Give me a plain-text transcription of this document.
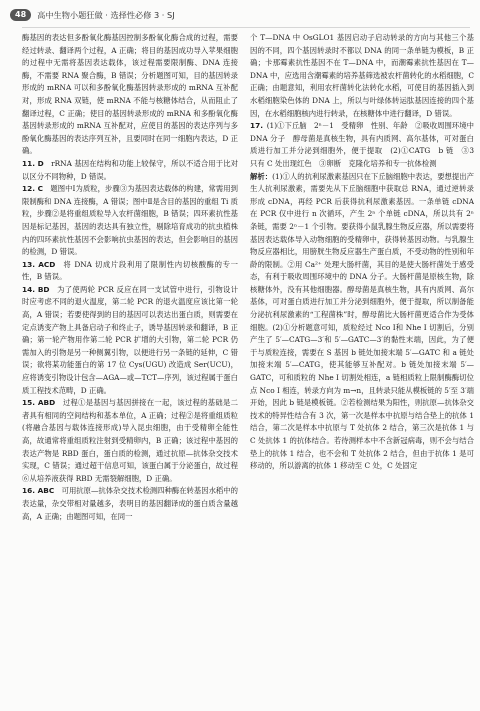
48	高中生物小题狂做 · 选择性必修 3 · SJ

酶基因的表达但多酚氧化酶基因控制多酚氧化酶合成的过程，需要经过转录、翻译两个过程，A 正确；将目的基因成功导入苹果细胞的过程中无需将基因表达载体，该过程需要限制酶、DNA 连接酶，不需要 RNA 聚合酶，B 错误；分析题图可知，目的基因转录形成的 mRNA 可以和多酚氧化酶基因转录形成的 mRNA 互补配对，形成 RNA 双链，使 mRNA 不能与核糖体结合，从而阻止了翻译过程，C 正确；使目的基因转录形成的 mRNA 和多酚氧化酶基因转录形成的 mRNA 互补配对，应使目的基因的表达序列与多酚氧化酶基因的表达序列互补，且要同时在同一细胞内表达，D 正确。

11. D  rRNA 基因在结构和功能上较保守，所以不适合用于比对以区分不同物种，D 错误。

12. C  题图中Ⅰ为质粒，步骤③为基因表达载体的构建，常需用到限制酶和 DNA 连接酶，A 错误；图中Ⅱ是含目的基因的重组 Ti 质粒，步骤②是将重组质粒导入农杆菌细胞，B 错误；四环素抗性基因是标记基因，基因的表达具有独立性，剔除培育成功的抗虫植株内的四环素抗性基因不会影响抗虫基因的表达，但会影响目的基因的检测，D 错误。

13. ACD  将 DNA 切成片段利用了限制性内切核酸酶的专一性，B 错误。

14. BD  为了使两轮 PCR 反应在同一支试管中进行，引物设计时应考虑不同的退火温度，第二轮 PCR 的退火温度应该比第一轮高，A 错误；若要使得到的目的基因可以表达出蛋白质，则需要在定点诱变产物上具备启动子和终止子，诱导基因转录和翻译，B 正确；第一轮产物用作第二轮 PCR 扩增的大引物，第二轮 PCR 仍需加入的引物是另一种侧翼引物，以便进行另一条链的延伸，C 错误；欲将某功能蛋白的第 17 位 Cys(UGU) 改造成 Ser(UCU)，应将诱变引物设计包含—AGA—或—TCT—序列，该过程属于蛋白质工程技术范畴，D 正确。

15. ABD  过程①是基因与基因拼接在一起，该过程的基础是二者具有相同的空间结构和基本单位，A 正确；过程②是将重组质粒(将融合基因与载体连接形成)导入昆虫细胞，由于受精卵全能性高，故通常将重组质粒注射到受精卵内，B 正确；该过程中基因的表达产物是 RBD 蛋白，蛋白质的检测，通过抗原—抗体杂交技术实现，C 错误；通过超干信息可知，该蛋白属于分泌蛋白，故过程⑥从培养液获得 RBD 无需裂解细胞，D 正确。

16. ABC  可用抗原—抗体杂交技术检测四种酶在转基因水稻中的表达量，杂交带相对量越多，表明目的基因翻译成的蛋白质含量越高，A 正确；由题图可知，在同一

个 T—DNA 中 OsGLO1 基因启动子启动转录的方向与其他三个基因的不同，四个基因转录时不都以 DNA 的同一条单链为模板，B 正确；卡那霉素抗性基因不在 T—DNA 中，而潮霉素抗性基因在 T—DNA 中，应选用含潮霉素的培养基筛选被农杆菌转化的水稻细胞，C 正确；由题意知，利用农杆菌转化法转化水稻，可使目的基因插入到水稻细胞染色体的 DNA 上，所以与叶绿体转运肽基因连接的四个基因，在水稻细胞核内进行转录，在核糖体中进行翻译，D 错误。

17.  (1)①下丘脑　2ⁿ－1　受精卵　性别、年龄　②吸收周围环境中 DNA 分子　醇母菌是真核生物，具有内质网、高尔基体，可对蛋白质进行加工并分泌到细胞外，便于提取　(2)①CATG　b 链　③3　只有 C 处出现红色　③卵断　克隆化培养和专一抗体检测

解析：(1)①人的抗利尿激素基因只在下丘脑细胞中表达，要想提出产生人抗利尿激素，需要先从下丘脑细胞中获取总 RNA，通过逆转录形成 cDNA，再经 PCR 后获得抗利尿激素基因。一条单链 cDNA 在 PCR 仅中进行 n 次循环，产生 2ⁿ 个单链 cDNA，所以共有 2ⁿ 条链，需要 2ⁿ－1 个引物。要获得小鼠乳腺生物反应器，所以需要将基因表达载体导入动物细胞的受精卵中，获得转基因动物。与乳腺生物反应器相比，用膀胱生物反应器生产蛋白质，不受动物的性别和年龄的限制。②用 Ca²⁺ 处理大肠杆菌，其目的是使大肠杆菌处于感受态，有利于吸收周围环境中的 DNA 分子。大肠杆菌是原核生物，除核糖体外，没有其他细胞器。醇母菌是真核生物，具有内质网、高尔基体，可对蛋白质进行加工并分泌到细胞外，便于提取，所以制备能分泌抗利尿激素的“工程菌株”时，醇母菌比大肠杆菌更适合作为受体细胞。(2)①分析题意可知，质粒经过 Nco Ⅰ和 Nhe Ⅰ 切割后，分别产生了 5′—CATG—3′和 5′—GATC—3′的黏性末端，因此，为了便于与质粒连接，需要在 S 基因 b 链处加接末端 5′—GATC 和 a 链处加接末端 5′—CATG，使其能够互补配对。b 链处加接末端 5′—GATC，可和质粒的 Nhe Ⅰ 切割处相连，a 链相质粒上限制酶酶切位点 Nco Ⅰ 相连，转录方向为 m→n，且转录只能从模板链的 5′至 3′端开始，因此 b 链是模板链。②若检测结果为阳性，则抗原—抗体杂交技术的特异性结合有 3 次，第一次是样本中抗原与结合垫上的抗体 1 结合，第二次是样本中抗原与 T 处抗体 2 结合，第三次是抗体 1 与 C 处抗体 1 的抗体结合。若待测样本中不含新冠病毒，则不会与结合垫上的抗体 1 结合，也不会和 T 处抗体 2 结合，但由于抗体 1 是可移动的，所以游离的抗体 1 移动至 C 处，C 处固定
